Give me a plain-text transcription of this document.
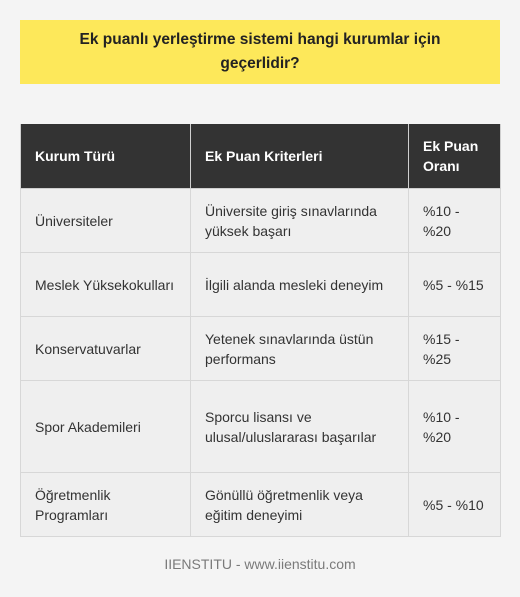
Ek puanlı yerleştirme sistemi hangi kurumlar için geçerlidir?
Kurum Türü	Ek Puan Kriterleri	Ek Puan Oranı
Üniversiteler	Üniversite giriş sınavlarında yüksek başarı	%10 - %20
Meslek Yüksekokulları	İlgili alanda mesleki deneyim	%5 - %15
Konservatuvarlar	Yetenek sınavlarında üstün performans	%15 - %25
Spor Akademileri	Sporcu lisansı ve ulusal/uluslararası başarılar	%10 - %20
Öğretmenlik Programları	Gönüllü öğretmenlik veya eğitim deneyimi	%5 - %10
IIENSTITU - www.iienstitu.com
